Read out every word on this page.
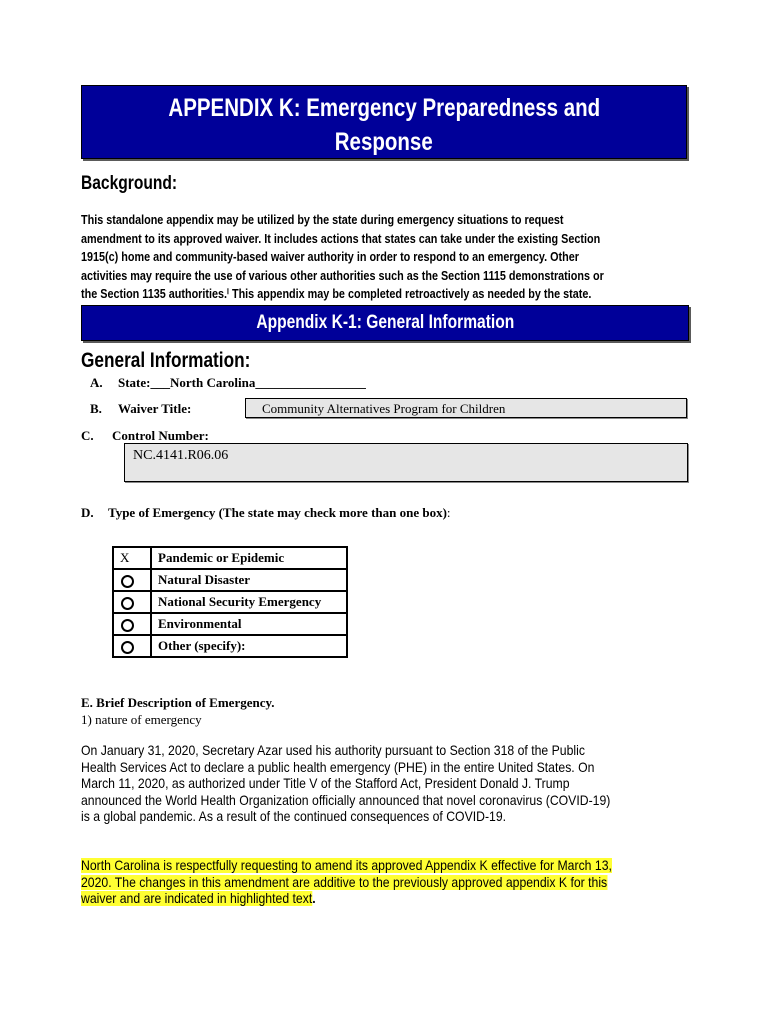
APPENDIX K: Emergency Preparedness and
Response
Background:
This standalone appendix may be utilized by the state during emergency situations to request
amendment to its approved waiver. It includes actions that states can take under the existing Section
1915(c) home and community-based waiver authority in order to respond to an emergency. Other
activities may require the use of various other authorities such as the Section 1115 demonstrations or
the Section 1135 authorities.ⁱ This appendix may be completed retroactively as needed by the state.
Appendix K-1: General Information
General Information:
A. State:___North Carolina_________________
B. Waiver Title:	Community Alternatives Program for Children
C. Control Number:
NC.4141.R06.06
D. Type of Emergency (The state may check more than one box):
X	Pandemic or Epidemic
	Natural Disaster
	National Security Emergency
	Environmental
	Other (specify):
E. Brief Description of Emergency.
1) nature of emergency
On January 31, 2020, Secretary Azar used his authority pursuant to Section 318 of the Public
Health Services Act to declare a public health emergency (PHE) in the entire United States. On
March 11, 2020, as authorized under Title V of the Stafford Act, President Donald J. Trump
announced the World Health Organization officially announced that novel coronavirus (COVID-19)
is a global pandemic. As a result of the continued consequences of COVID-19.
North Carolina is respectfully requesting to amend its approved Appendix K effective for March 13,
2020. The changes in this amendment are additive to the previously approved appendix K for this
waiver and are indicated in highlighted text.
